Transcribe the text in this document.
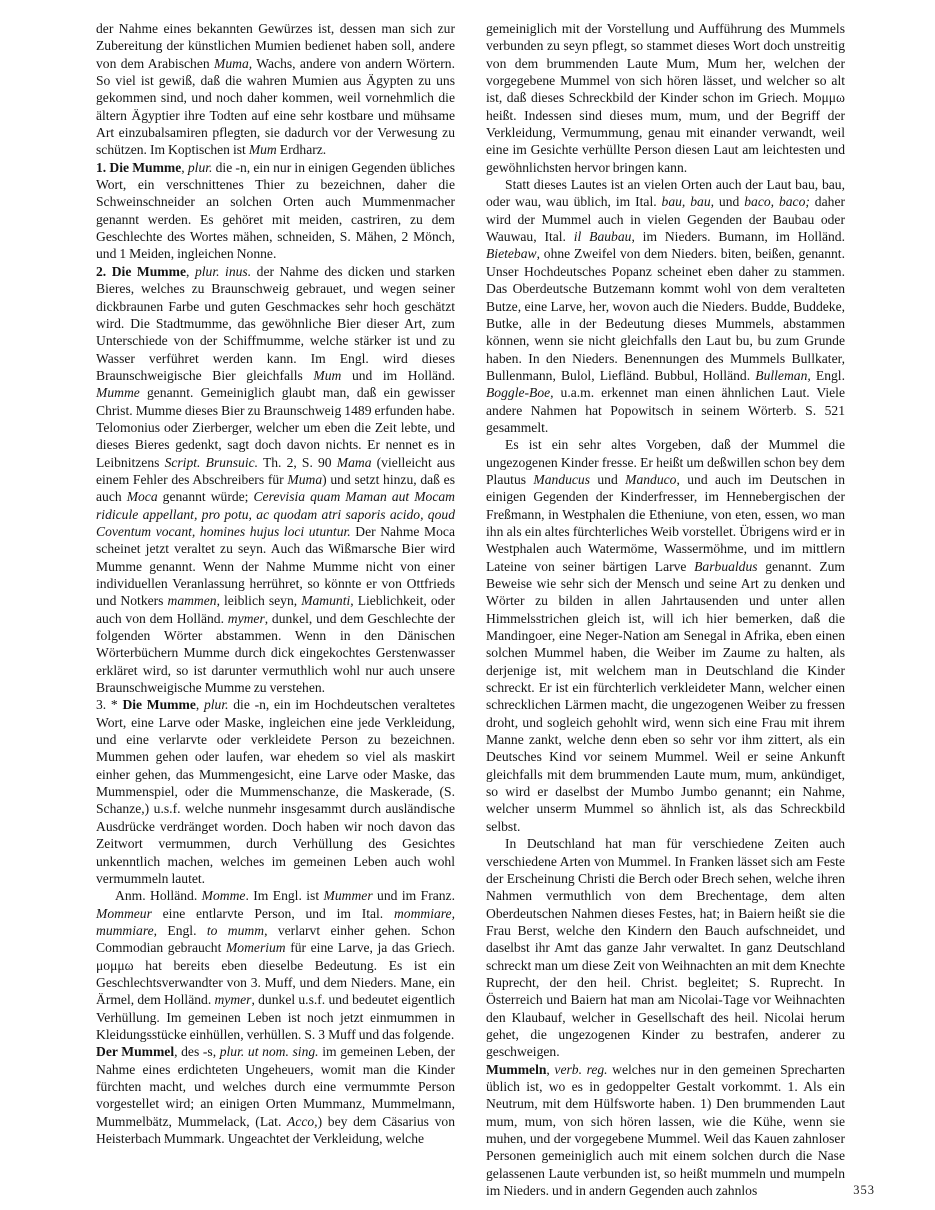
der Nahme eines bekannten Gewürzes ist, dessen man sich zur Zubereitung der künstlichen Mumien bedienet haben soll, andere von dem Arabischen Muma, Wachs, andere von andern Wörtern. So viel ist gewiß, daß die wahren Mumien aus Ägypten zu uns gekommen sind, und noch daher kommen, weil vornehmlich die ältern Ägyptier ihre Todten auf eine sehr kostbare und mühsame Art einzubalsamiren pflegten, sie dadurch vor der Verwesung zu schützen. Im Koptischen ist Mum Erdharz.

1. Die Mumme, plur. die -n, ein nur in einigen Gegenden übliches Wort, ein verschnittenes Thier zu bezeichnen, daher die Schweinschneider an solchen Orten auch Mummenmacher genannt werden. Es gehöret mit meiden, castriren, zu dem Geschlechte des Wortes mähen, schneiden, S. Mähen, 2 Mönch, und 1 Meiden, ingleichen Nonne.

2. Die Mumme, plur. inus. der Nahme des dicken und starken Bieres, welches zu Braunschweig gebrauet, und wegen seiner dickbraunen Farbe und guten Geschmackes sehr hoch geschätzt wird. Die Stadtmumme, das gewöhnliche Bier dieser Art, zum Unterschiede von der Schiffmumme, welche stärker ist und zu Wasser verführet werden kann. Im Engl. wird dieses Braunschweigische Bier gleichfalls Mum und im Holländ. Mumme genannt. Gemeiniglich glaubt man, daß ein gewisser Christ. Mumme dieses Bier zu Braunschweig 1489 erfunden habe. Telomonius oder Zierberger, welcher um eben die Zeit lebte, und dieses Bieres gedenkt, sagt doch davon nichts. Er nennet es in Leibnitzens Script. Brunsuic. Th. 2, S. 90 Mama (vielleicht aus einem Fehler des Abschreibers für Muma) und setzt hinzu, daß es auch Moca genannt würde; Cerevisia quam Maman aut Mocam ridicule appellant, pro potu, ac quodam atri saporis acido, qoud Coventum vocant, homines hujus loci utuntur. Der Nahme Moca scheinet jetzt veraltet zu seyn. Auch das Wißmarsche Bier wird Mumme genannt. Wenn der Nahme Mumme nicht von einer individuellen Veranlassung herrühret, so könnte er von Ottfrieds und Notkers mammen, leiblich seyn, Mamunti, Lieblichkeit, oder auch von dem Holländ. mymer, dunkel, und dem Geschlechte der folgenden Wörter abstammen. Wenn in den Dänischen Wörterbüchern Mumme durch dick eingekochtes Gerstenwasser erkläret wird, so ist darunter vermuthlich wohl nur auch unsere Braunschweigische Mumme zu verstehen.

3. * Die Mumme, plur. die -n, ein im Hochdeutschen veraltetes Wort, eine Larve oder Maske, ingleichen eine jede Verkleidung, und eine verlarvte oder verkleidete Person zu bezeichnen. Mummen gehen oder laufen, war ehedem so viel als maskirt einher gehen, das Mummengesicht, eine Larve oder Maske, das Mummenspiel, oder die Mummenschanze, die Maskerade, (S. Schanze,) u.s.f. welche nunmehr insgesammt durch ausländische Ausdrücke verdränget worden. Doch haben wir noch davon das Zeitwort vermummen, durch Verhüllung des Gesichtes unkenntlich machen, welches im gemeinen Leben auch wohl vermummeln lautet.

Anm. Holländ. Momme. Im Engl. ist Mummer und im Franz. Mommeur eine entlarvte Person, und im Ital. mommiare, mummiare, Engl. to mumm, verlarvt einher gehen. Schon Commodian gebraucht Momerium für eine Larve, ja das Griech. μομμω hat bereits eben dieselbe Bedeutung. Es ist ein Geschlechtsverwandter von 3. Muff, und dem Nieders. Mane, ein Ärmel, dem Holländ. mymer, dunkel u.s.f. und bedeutet eigentlich Verhüllung. Im gemeinen Leben ist noch jetzt einmummen in Kleidungsstücke einhüllen, verhüllen. S. 3 Muff und das folgende.

Der Mummel, des -s, plur. ut nom. sing. im gemeinen Leben, der Nahme eines erdichteten Ungeheuers, womit man die Kinder fürchten macht, und welches durch eine vermummte Person vorgestellet wird; an einigen Orten Mummanz, Mummelmann, Mummelbätz, Mummelack, (Lat. Acco,) bey dem Cäsarius von Heisterbach Mummark. Ungeachtet der Verkleidung, welche

gemeiniglich mit der Vorstellung und Aufführung des Mummels verbunden zu seyn pflegt, so stammet dieses Wort doch unstreitig von dem brummenden Laute Mum, Mum her, welchen der vorgegebene Mummel von sich hören lässet, und welcher so alt ist, daß dieses Schreckbild der Kinder schon im Griech. Μομμω heißt. Indessen sind dieses mum, mum, und der Begriff der Verkleidung, Vermummung, genau mit einander verwandt, weil eine im Gesichte verhüllte Person diesen Laut am leichtesten und gewöhnlichsten hervor bringen kann.

Statt dieses Lautes ist an vielen Orten auch der Laut bau, bau, oder wau, wau üblich, im Ital. bau, bau, und baco, baco; daher wird der Mummel auch in vielen Gegenden der Baubau oder Wauwau, Ital. il Baubau, im Nieders. Bumann, im Holländ. Bietebaw, ohne Zweifel von dem Nieders. biten, beißen, genannt. Unser Hochdeutsches Popanz scheinet eben daher zu stammen. Das Oberdeutsche Butzemann kommt wohl von dem veralteten Butze, eine Larve, her, wovon auch die Nieders. Budde, Buddeke, Butke, alle in der Bedeutung dieses Mummels, abstammen können, wenn sie nicht gleichfalls den Laut bu, bu zum Grunde haben. In den Nieders. Benennungen des Mummels Bullkater, Bullenmann, Bulol, Liefländ. Bubbul, Holländ. Bulleman, Engl. Boggle-Boe, u.a.m. erkennet man einen ähnlichen Laut. Viele andere Nahmen hat Popowitsch in seinem Wörterb. S. 521 gesammelt.

Es ist ein sehr altes Vorgeben, daß der Mummel die ungezogenen Kinder fresse. Er heißt um deßwillen schon bey dem Plautus Manducus und Manduco, und auch im Deutschen in einigen Gegenden der Kinderfresser, im Hennebergischen der Freßmann, in Westphalen die Etheniune, von eten, essen, wo man ihn als ein altes fürchterliches Weib vorstellet. Übrigens wird er in Westphalen auch Watermöme, Wassermöhme, und im mittlern Lateine von seiner bärtigen Larve Barbualdus genannt. Zum Beweise wie sehr sich der Mensch und seine Art zu denken und Wörter zu bilden in allen Jahrtausenden und unter allen Himmelsstrichen gleich ist, will ich hier bemerken, daß die Mandingoer, eine Neger-Nation am Senegal in Afrika, eben einen solchen Mummel haben, die Weiber im Zaume zu halten, als derjenige ist, mit welchem man in Deutschland die Kinder schreckt. Er ist ein fürchterlich verkleideter Mann, welcher einen schrecklichen Lärmen macht, die ungezogenen Weiber zu fressen droht, und sogleich gehohlt wird, wenn sich eine Frau mit ihrem Manne zankt, welche denn eben so sehr vor ihm zittert, als ein Deutsches Kind vor seinem Mummel. Weil er seine Ankunft gleichfalls mit dem brummenden Laute mum, mum, ankündiget, so wird er daselbst der Mumbo Jumbo genannt; ein Nahme, welcher unserm Mummel so ähnlich ist, als das Schreckbild selbst.

In Deutschland hat man für verschiedene Zeiten auch verschiedene Arten von Mummel. In Franken lässet sich am Feste der Erscheinung Christi die Berch oder Brech sehen, welche ihren Nahmen vermuthlich von dem Brechentage, dem alten Oberdeutschen Nahmen dieses Festes, hat; in Baiern heißt sie die Frau Berst, welche den Kindern den Bauch aufschneidet, und daselbst ihr Amt das ganze Jahr verwaltet. In ganz Deutschland schreckt man um diese Zeit von Weihnachten an mit dem Knechte Ruprecht, der den heil. Christ. begleitet; S. Ruprecht. In Österreich und Baiern hat man am Nicolai-Tage vor Weihnachten den Klaubauf, welcher in Gesellschaft des heil. Nicolai herum gehet, die ungezogenen Kinder zu bestrafen, anderer zu geschweigen.

Mummeln, verb. reg. welches nur in den gemeinen Sprecharten üblich ist, wo es in gedoppelter Gestalt vorkommt. 1. Als ein Neutrum, mit dem Hülfsworte haben. 1) Den brummenden Laut mum, mum, von sich hören lassen, wie die Kühe, wenn sie muhen, und der vorgegebene Mummel. Weil das Kauen zahnloser Personen gemeiniglich auch mit einem solchen durch die Nase gelassenen Laute verbunden ist, so heißt mummeln und mumpeln im Nieders. und in andern Gegenden auch zahnlos	353
